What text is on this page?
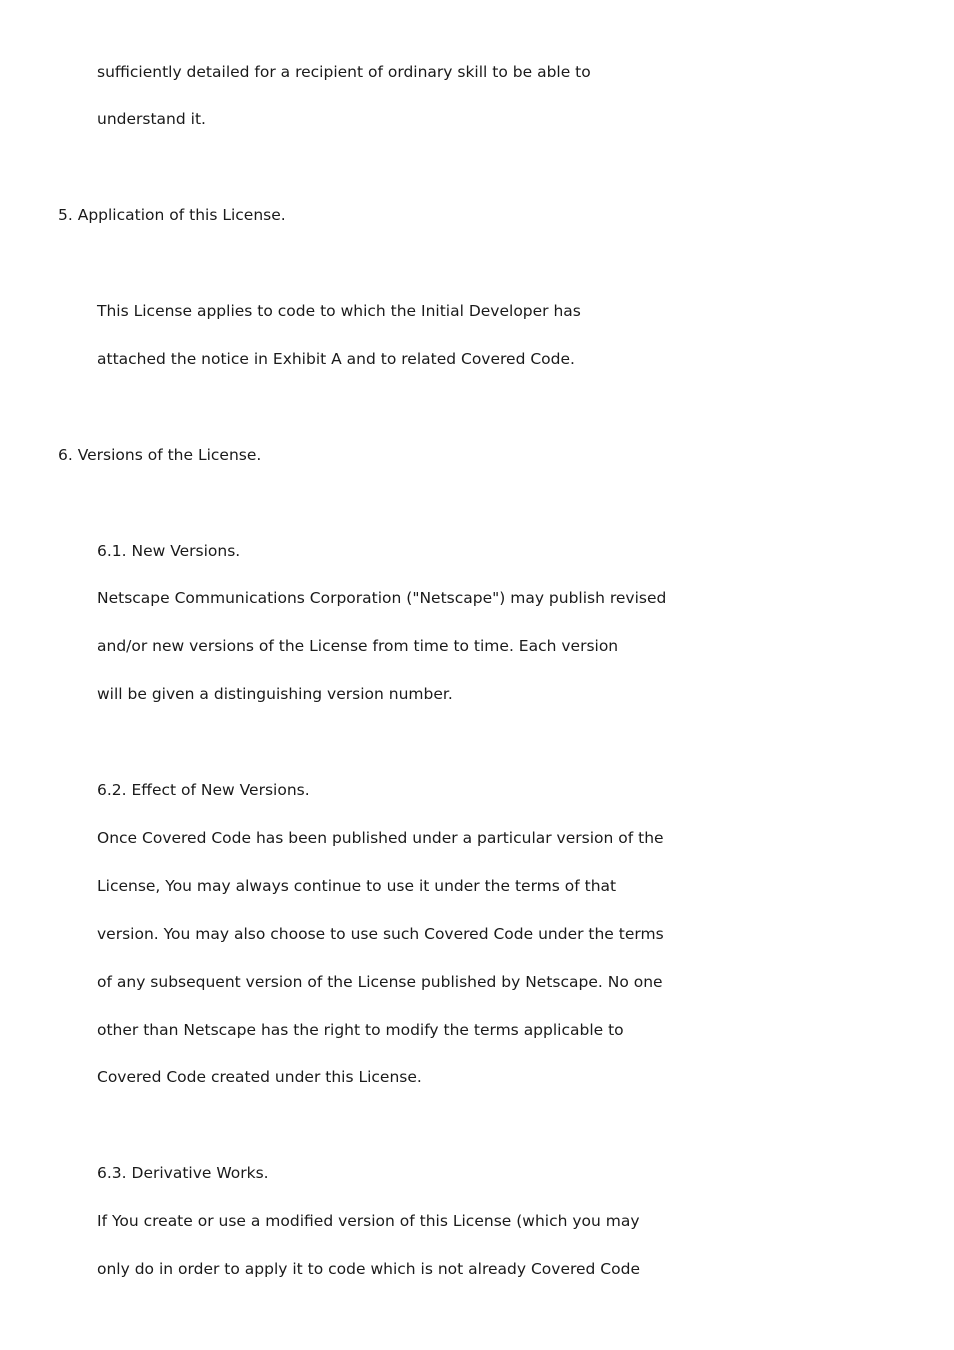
sufficiently detailed for a recipient of ordinary skill to be able to
understand it.
5. Application of this License.
This License applies to code to which the Initial Developer has
attached the notice in Exhibit A and to related Covered Code.
6. Versions of the License.
6.1. New Versions.
Netscape Communications Corporation ("Netscape") may publish revised
and/or new versions of the License from time to time. Each version
will be given a distinguishing version number.
6.2. Effect of New Versions.
Once Covered Code has been published under a particular version of the
License, You may always continue to use it under the terms of that
version. You may also choose to use such Covered Code under the terms
of any subsequent version of the License published by Netscape. No one
other than Netscape has the right to modify the terms applicable to
Covered Code created under this License.
6.3. Derivative Works.
If You create or use a modified version of this License (which you may
only do in order to apply it to code which is not already Covered Code
